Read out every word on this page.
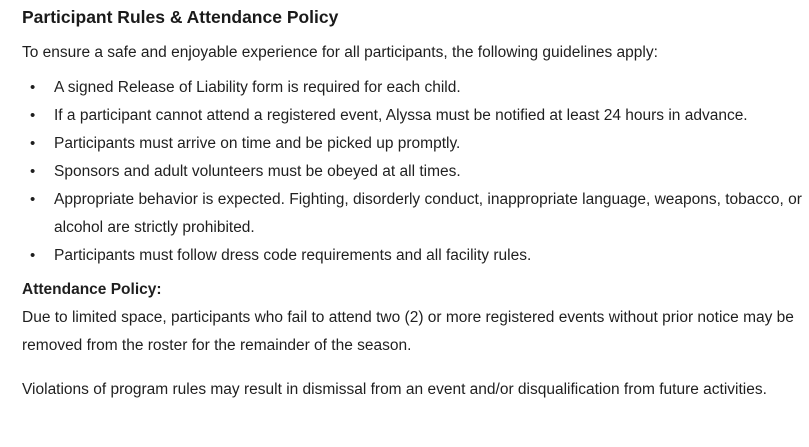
Participant Rules & Attendance Policy

To ensure a safe and enjoyable experience for all participants, the following guidelines apply:

• A signed Release of Liability form is required for each child.
• If a participant cannot attend a registered event, Alyssa must be notified at least 24 hours in advance.
• Participants must arrive on time and be picked up promptly.
• Sponsors and adult volunteers must be obeyed at all times.
• Appropriate behavior is expected. Fighting, disorderly conduct, inappropriate language, weapons, tobacco, or alcohol are strictly prohibited.
• Participants must follow dress code requirements and all facility rules.

Attendance Policy:

Due to limited space, participants who fail to attend two (2) or more registered events without prior notice may be removed from the roster for the remainder of the season.

Violations of program rules may result in dismissal from an event and/or disqualification from future activities.
